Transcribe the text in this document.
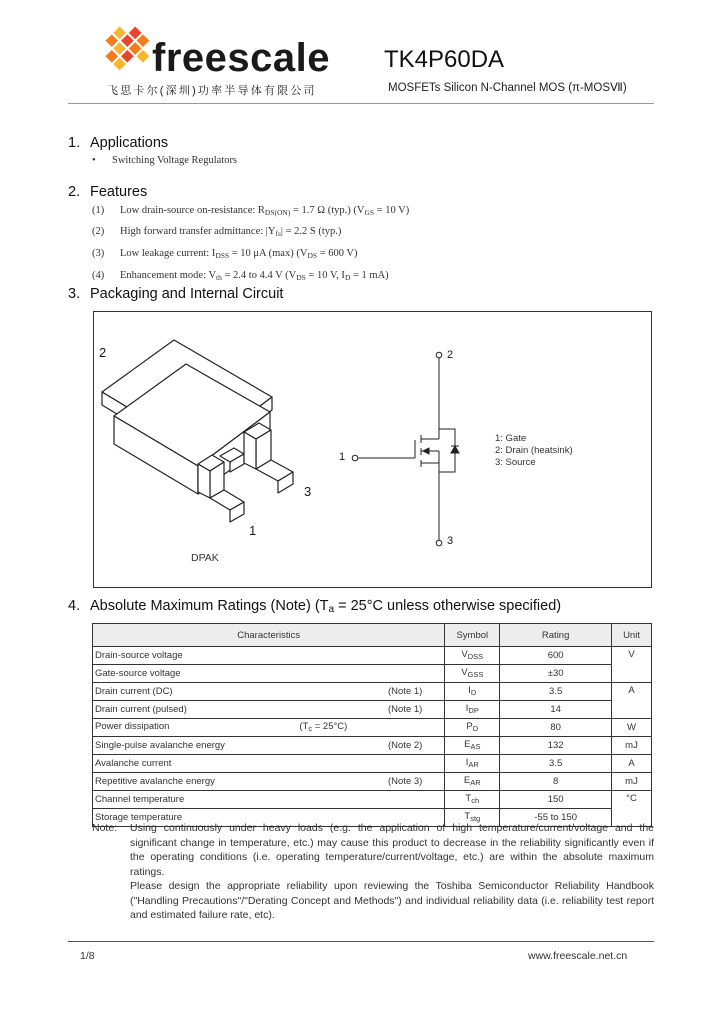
freescale
飞思卡尔(深圳)功率半导体有限公司
TK4P60DA
MOSFETs Silicon N-Channel MOS (π-MOSⅦ)
1. Applications
• Switching Voltage Regulators
2. Features
(1) Low drain-source on-resistance: $R_{DS(ON)} = 1.7$ Ω (typ.) ($V_{GS} = 10$ V)
(2) High forward transfer admittance: $|Y_{fs}| = 2.2$ S (typ.)
(3) Low leakage current: $I_{DSS} = 10$ μA (max) ($V_{DS} = 600$ V)
(4) Enhancement mode: $V_{th} = 2.4$ to 4.4 V ($V_{DS} = 10$ V, $I_D = 1$ mA)
3. Packaging and Internal Circuit
2
3
1
DPAK
2
1
3
1: Gate
2: Drain (heatsink)
3: Source
4. Absolute Maximum Ratings (Note) ($T_a = 25^\circ C$ unless otherwise specified)
Characteristics	Symbol	Rating	Unit
Drain-source voltage	$V_{DSS}$	600	V
Gate-source voltage	$V_{GSS}$	±30	
Drain current (DC) (Note 1)	$I_D$	3.5	A
Drain current (pulsed) (Note 1)	$I_{DP}$	14	
Power dissipation $(T_c = 25^\circ C)$	$P_D$	80	W
Single-pulse avalanche energy (Note 2)	$E_{AS}$	132	mJ
Avalanche current	$I_{AR}$	3.5	A
Repetitive avalanche energy (Note 3)	$E_{AR}$	8	mJ
Channel temperature	$T_{ch}$	150	°C
Storage temperature	$T_{stg}$	-55 to 150	
Note: Using continuously under heavy loads (e.g. the application of high temperature/current/voltage and the significant change in temperature, etc.) may cause this product to decrease in the reliability significantly even if the operating conditions (i.e. operating temperature/current/voltage, etc.) are within the absolute maximum ratings.

Please design the appropriate reliability upon reviewing the Toshiba Semiconductor Reliability Handbook ("Handling Precautions"/"Derating Concept and Methods") and individual reliability data (i.e. reliability test report and estimated failure rate, etc).

1/8	www.freescale.net.cn
